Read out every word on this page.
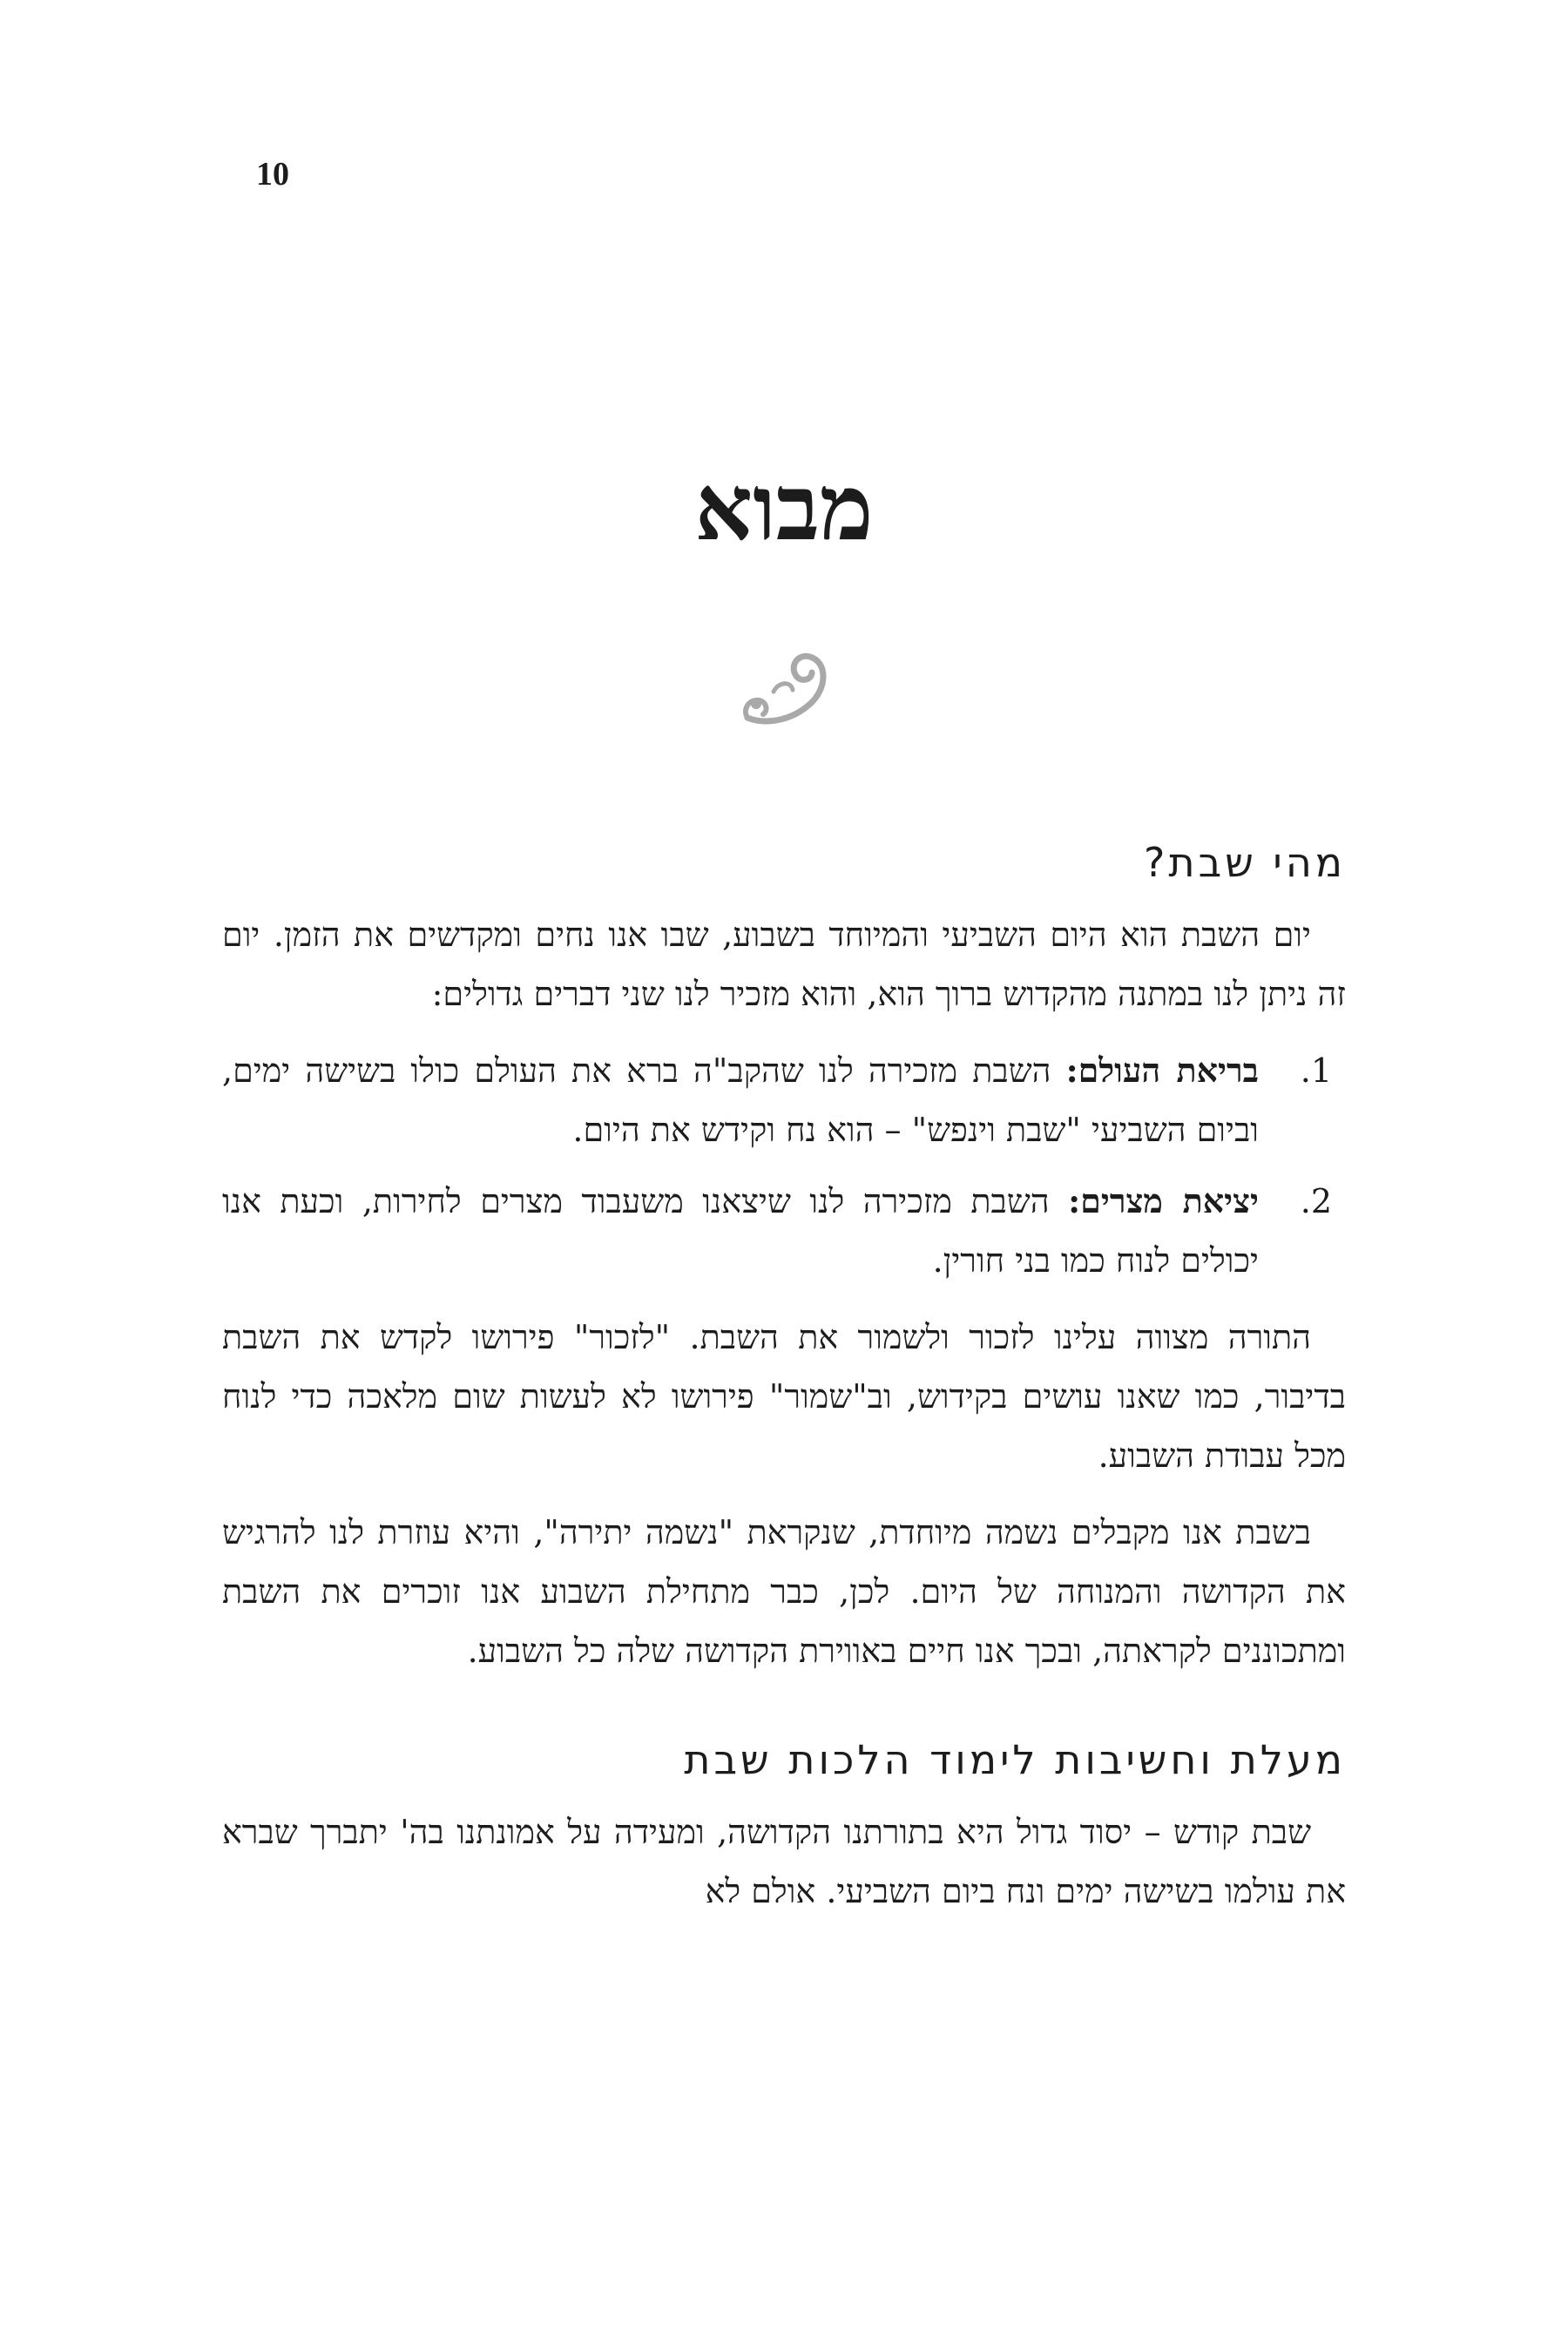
10
מבוא
מהי שבת?

יום השבת הוא היום השביעי והמיוחד בשבוע, שבו אנו נחים ומקדשים את הזמן. יום זה ניתן לנו במתנה מהקדוש ברוך הוא, והוא מזכיר לנו שני דברים גדולים:

1.
בריאת העולם: השבת מזכירה לנו שהקב"ה ברא את העולם כולו בשישה ימים, וביום השביעי "שבת וינפש" – הוא נח וקידש את היום.
2.
יציאת מצרים: השבת מזכירה לנו שיצאנו משעבוד מצרים לחירות, וכעת אנו יכולים לנוח כמו בני חורין.

התורה מצווה עלינו לזכור ולשמור את השבת. "לזכור" פירושו לקדש את השבת בדיבור, כמו שאנו עושים בקידוש, וב"שמור" פירושו לא לעשות שום מלאכה כדי לנוח מכל עבודת השבוע.

בשבת אנו מקבלים נשמה מיוחדת, שנקראת "נשמה יתירה", והיא עוזרת לנו להרגיש את הקדושה והמנוחה של היום. לכן, כבר מתחילת השבוע אנו זוכרים את השבת ומתכוננים לקראתה, ובכך אנו חיים באווירת הקדושה שלה כל השבוע.

מעלת וחשיבות לימוד הלכות שבת

שבת קודש – יסוד גדול היא בתורתנו הקדושה, ומעידה על אמונתנו בה' יתברך שברא את עולמו בשישה ימים ונח ביום השביעי. אולם לא
